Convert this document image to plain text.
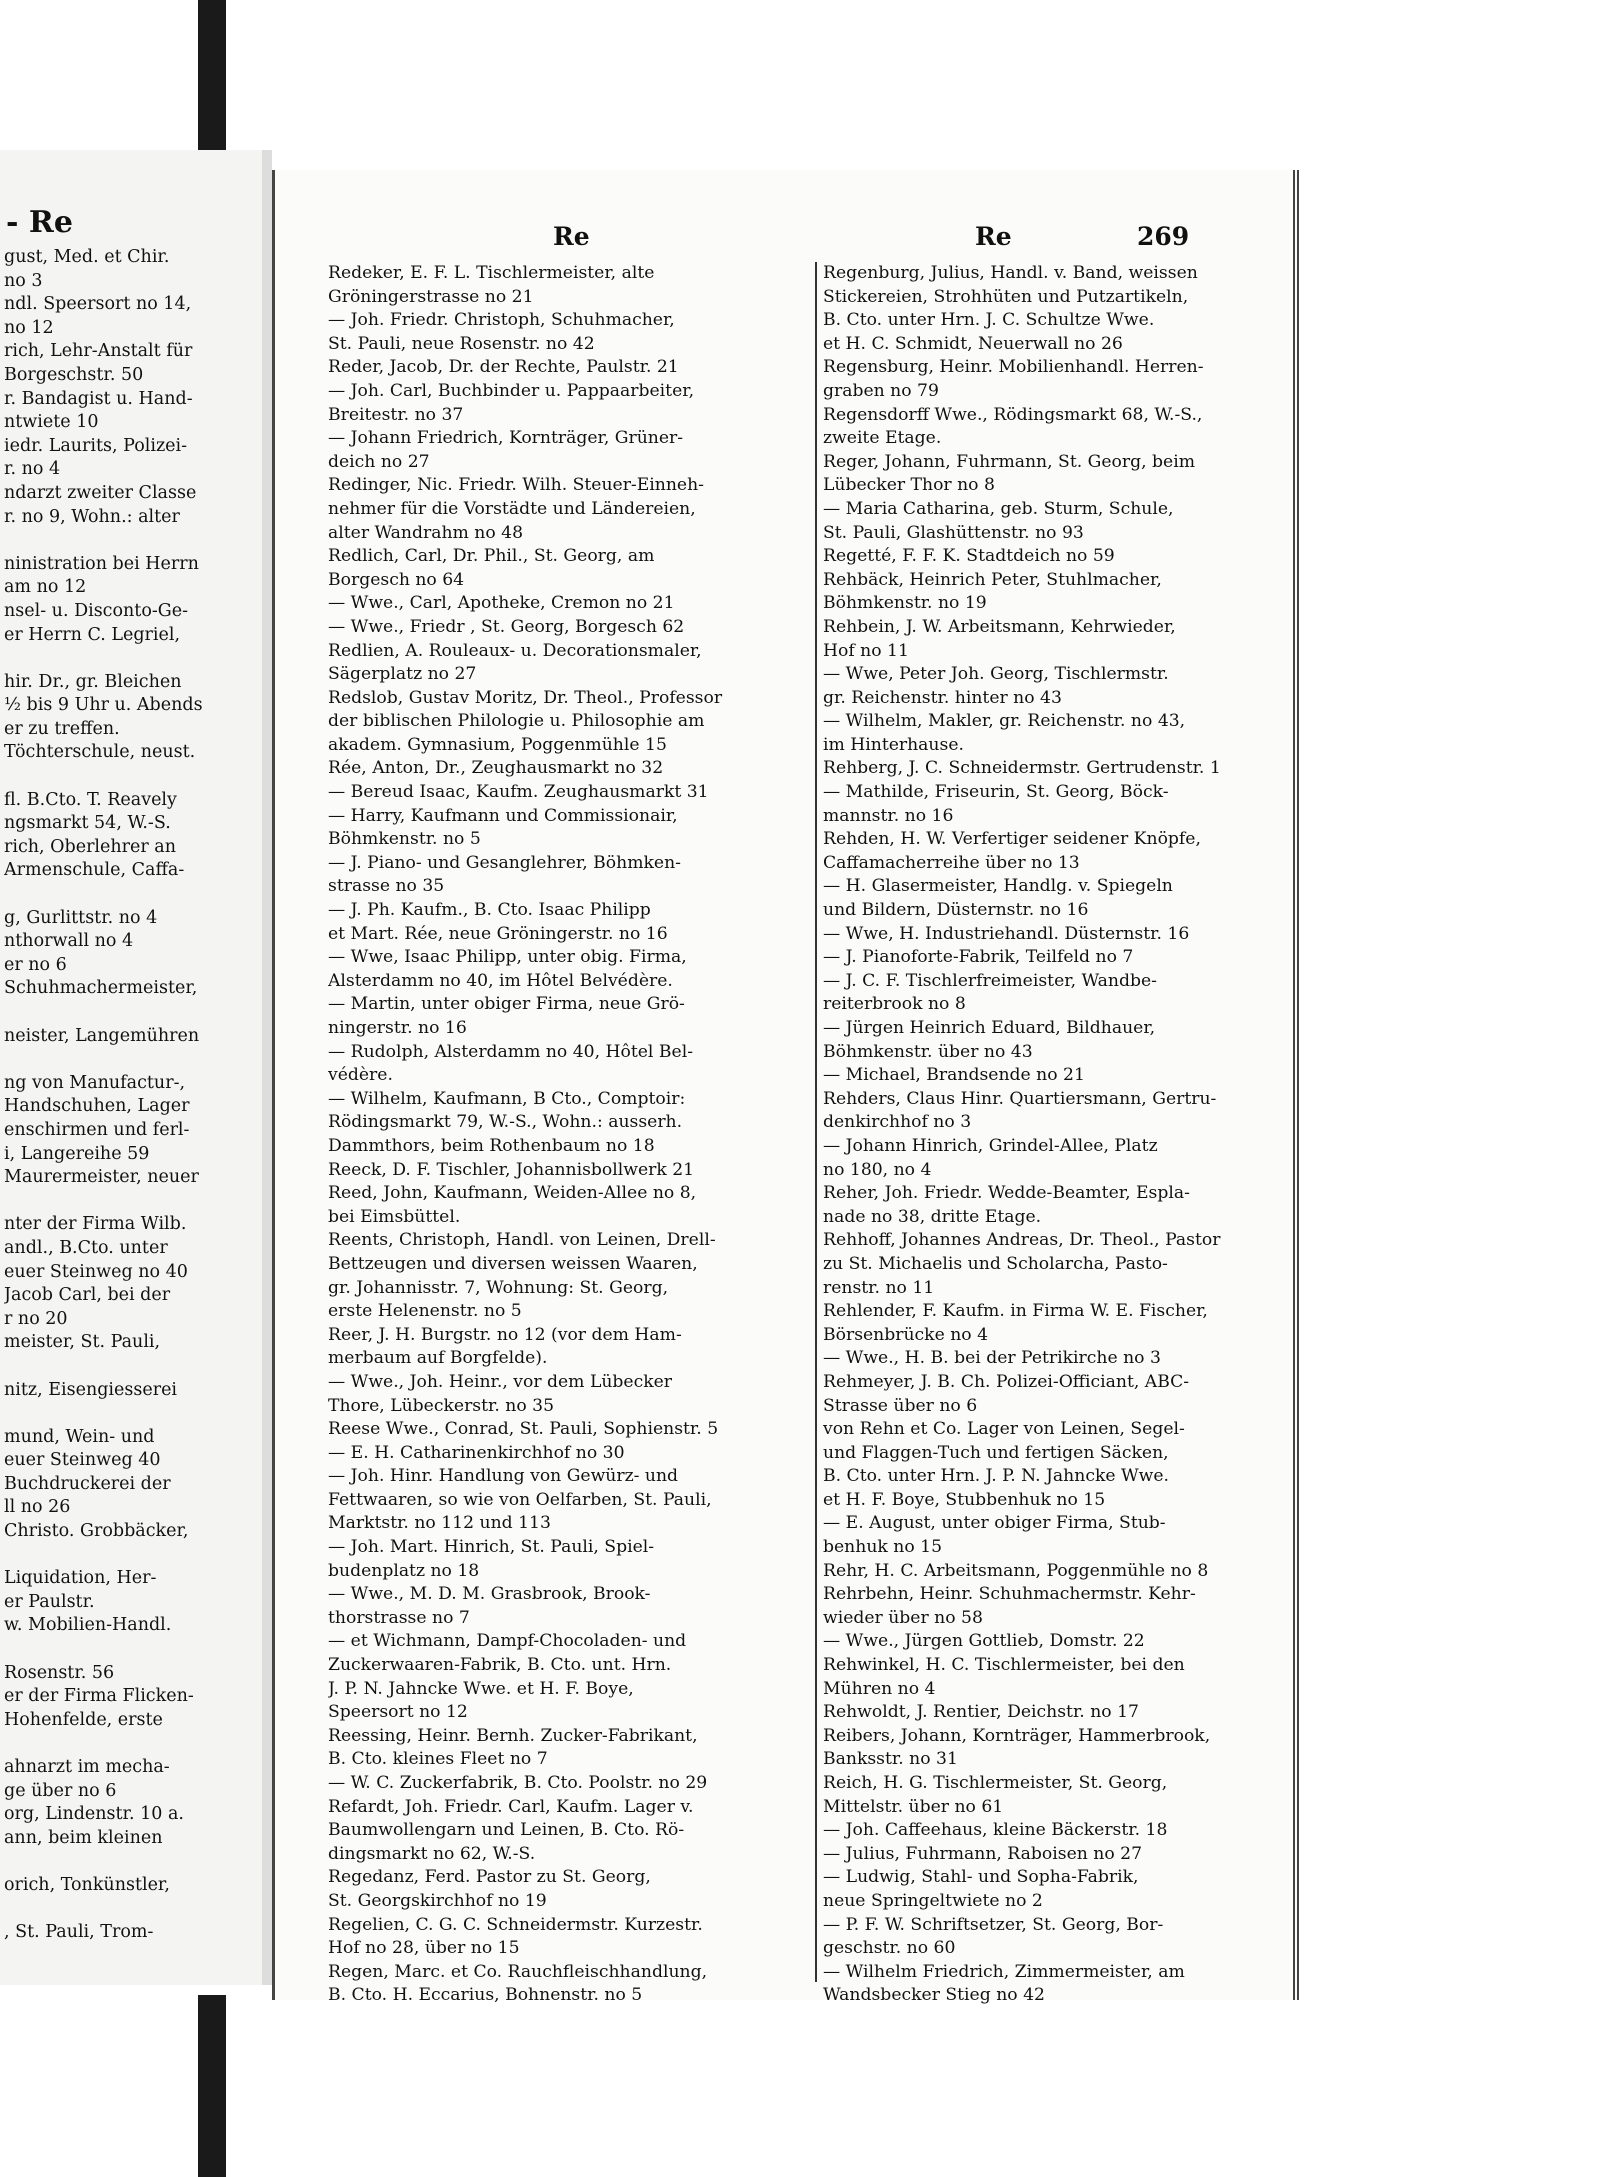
- Re
gust, Med. et Chir.
no 3
ndl. Speersort no 14,
no 12
rich, Lehr-Anstalt für
Borgeschstr. 50
r. Bandagist u. Hand-
ntwiete 10
iedr. Laurits, Polizei-
r. no 4
ndarzt zweiter Classe
r. no 9, Wohn.: alter
ninistration bei Herrn
am no 12
nsel- u. Disconto-Ge-
er Herrn C. Legriel,
hir. Dr., gr. Bleichen
½ bis 9 Uhr u. Abends
er zu treffen.
Töchterschule, neust.
fl. B.Cto. T. Reavely
ngsmarkt 54, W.-S.
rich, Oberlehrer an
Armenschule, Caffa-
g, Gurlittstr. no 4
nthorwall no 4
er no 6
Schuhmachermeister,
neister, Langemühren
ng von Manufactur-,
Handschuhen, Lager
enschirmen und ferl-
i, Langereihe 59
Maurermeister, neuer
nter der Firma Wilb.
andl., B.Cto. unter
euer Steinweg no 40
Jacob Carl, bei der
r no 20
meister, St. Pauli,
nitz, Eisengiesserei
mund, Wein- und
euer Steinweg 40
Buchdruckerei der
ll no 26
Christo. Grobbäcker,
Liquidation, Her-
er Paulstr.
w. Mobilien-Handl.
Rosenstr. 56
er der Firma Flicken-
Hohenfelde, erste
ahnarzt im mecha-
ge über no 6
org, Lindenstr. 10 a.
ann, beim kleinen
orich, Tonkünstler,
, St. Pauli, Trom-
Re	Re	269
Redeker, E. F. L. Tischlermeister, alte
Gröningerstrasse no 21
— Joh. Friedr. Christoph, Schuhmacher,
St. Pauli, neue Rosenstr. no 42
Reder, Jacob, Dr. der Rechte, Paulstr. 21
— Joh. Carl, Buchbinder u. Pappaarbeiter,
Breitestr. no 37
— Johann Friedrich, Kornträger, Grüner-
deich no 27
Redinger, Nic. Friedr. Wilh. Steuer-Einneh-
nehmer für die Vorstädte und Ländereien,
alter Wandrahm no 48
Redlich, Carl, Dr. Phil., St. Georg, am
Borgesch no 64
— Wwe., Carl, Apotheke, Cremon no 21
— Wwe., Friedr , St. Georg, Borgesch 62
Redlien, A. Rouleaux- u. Decorationsmaler,
Sägerplatz no 27
Redslob, Gustav Moritz, Dr. Theol., Professor
der biblischen Philologie u. Philosophie am
akadem. Gymnasium, Poggenmühle 15
Rée, Anton, Dr., Zeughausmarkt no 32
— Bereud Isaac, Kaufm. Zeughausmarkt 31
— Harry, Kaufmann und Commissionair,
Böhmkenstr. no 5
— J. Piano- und Gesanglehrer, Böhmken-
strasse no 35
— J. Ph. Kaufm., B. Cto. Isaac Philipp
et Mart. Rée, neue Gröningerstr. no 16
— Wwe, Isaac Philipp, unter obig. Firma,
Alsterdamm no 40, im Hôtel Belvédère.
— Martin, unter obiger Firma, neue Grö-
ningerstr. no 16
— Rudolph, Alsterdamm no 40, Hôtel Bel-
védère.
— Wilhelm, Kaufmann, B Cto., Comptoir:
Rödingsmarkt 79, W.-S., Wohn.: ausserh.
Dammthors, beim Rothenbaum no 18
Reeck, D. F. Tischler, Johannisbollwerk 21
Reed, John, Kaufmann, Weiden-Allee no 8,
bei Eimsbüttel.
Reents, Christoph, Handl. von Leinen, Drell-
Bettzeugen und diversen weissen Waaren,
gr. Johannisstr. 7, Wohnung: St. Georg,
erste Helenenstr. no 5
Reer, J. H. Burgstr. no 12 (vor dem Ham-
merbaum auf Borgfelde).
— Wwe., Joh. Heinr., vor dem Lübecker
Thore, Lübeckerstr. no 35
Reese Wwe., Conrad, St. Pauli, Sophienstr. 5
— E. H. Catharinenkirchhof no 30
— Joh. Hinr. Handlung von Gewürz- und
Fettwaaren, so wie von Oelfarben, St. Pauli,
Marktstr. no 112 und 113
— Joh. Mart. Hinrich, St. Pauli, Spiel-
budenplatz no 18
— Wwe., M. D. M. Grasbrook, Brook-
thorstrasse no 7
— et Wichmann, Dampf-Chocoladen- und
Zuckerwaaren-Fabrik, B. Cto. unt. Hrn.
J. P. N. Jahncke Wwe. et H. F. Boye,
Speersort no 12
Reessing, Heinr. Bernh. Zucker-Fabrikant,
B. Cto. kleines Fleet no 7
— W. C. Zuckerfabrik, B. Cto. Poolstr. no 29
Refardt, Joh. Friedr. Carl, Kaufm. Lager v.
Baumwollengarn und Leinen, B. Cto. Rö-
dingsmarkt no 62, W.-S.
Regedanz, Ferd. Pastor zu St. Georg,
St. Georgskirchhof no 19
Regelien, C. G. C. Schneidermstr. Kurzestr.
Hof no 28, über no 15
Regen, Marc. et Co. Rauchfleischhandlung,
B. Cto. H. Eccarius, Bohnenstr. no 5
Regenburg, Julius, Handl. v. Band, weissen
Stickereien, Strohhüten und Putzartikeln,
B. Cto. unter Hrn. J. C. Schultze Wwe.
et H. C. Schmidt, Neuerwall no 26
Regensburg, Heinr. Mobilienhandl. Herren-
graben no 79
Regensdorff Wwe., Rödingsmarkt 68, W.-S.,
zweite Etage.
Reger, Johann, Fuhrmann, St. Georg, beim
Lübecker Thor no 8
— Maria Catharina, geb. Sturm, Schule,
St. Pauli, Glashüttenstr. no 93
Regetté, F. F. K. Stadtdeich no 59
Rehbäck, Heinrich Peter, Stuhlmacher,
Böhmkenstr. no 19
Rehbein, J. W. Arbeitsmann, Kehrwieder,
Hof no 11
— Wwe, Peter Joh. Georg, Tischlermstr.
gr. Reichenstr. hinter no 43
— Wilhelm, Makler, gr. Reichenstr. no 43,
im Hinterhause.
Rehberg, J. C. Schneidermstr. Gertrudenstr. 1
— Mathilde, Friseurin, St. Georg, Böck-
mannstr. no 16
Rehden, H. W. Verfertiger seidener Knöpfe,
Caffamacherreihe über no 13
— H. Glasermeister, Handlg. v. Spiegeln
und Bildern, Düsternstr. no 16
— Wwe, H. Industriehandl. Düsternstr. 16
— J. Pianoforte-Fabrik, Teilfeld no 7
— J. C. F. Tischlerfreimeister, Wandbe-
reiterbrook no 8
— Jürgen Heinrich Eduard, Bildhauer,
Böhmkenstr. über no 43
— Michael, Brandsende no 21
Rehders, Claus Hinr. Quartiersmann, Gertru-
denkirchhof no 3
— Johann Hinrich, Grindel-Allee, Platz
no 180, no 4
Reher, Joh. Friedr. Wedde-Beamter, Espla-
nade no 38, dritte Etage.
Rehhoff, Johannes Andreas, Dr. Theol., Pastor
zu St. Michaelis und Scholarcha, Pasto-
renstr. no 11
Rehlender, F. Kaufm. in Firma W. E. Fischer,
Börsenbrücke no 4
— Wwe., H. B. bei der Petrikirche no 3
Rehmeyer, J. B. Ch. Polizei-Officiant, ABC-
Strasse über no 6
von Rehn et Co. Lager von Leinen, Segel-
und Flaggen-Tuch und fertigen Säcken,
B. Cto. unter Hrn. J. P. N. Jahncke Wwe.
et H. F. Boye, Stubbenhuk no 15
— E. August, unter obiger Firma, Stub-
benhuk no 15
Rehr, H. C. Arbeitsmann, Poggenmühle no 8
Rehrbehn, Heinr. Schuhmachermstr. Kehr-
wieder über no 58
— Wwe., Jürgen Gottlieb, Domstr. 22
Rehwinkel, H. C. Tischlermeister, bei den
Mühren no 4
Rehwoldt, J. Rentier, Deichstr. no 17
Reibers, Johann, Kornträger, Hammerbrook,
Banksstr. no 31
Reich, H. G. Tischlermeister, St. Georg,
Mittelstr. über no 61
— Joh. Caffeehaus, kleine Bäckerstr. 18
— Julius, Fuhrmann, Raboisen no 27
— Ludwig, Stahl- und Sopha-Fabrik,
neue Springeltwiete no 2
— P. F. W. Schriftsetzer, St. Georg, Bor-
geschstr. no 60
— Wilhelm Friedrich, Zimmermeister, am
Wandsbecker Stieg no 42
